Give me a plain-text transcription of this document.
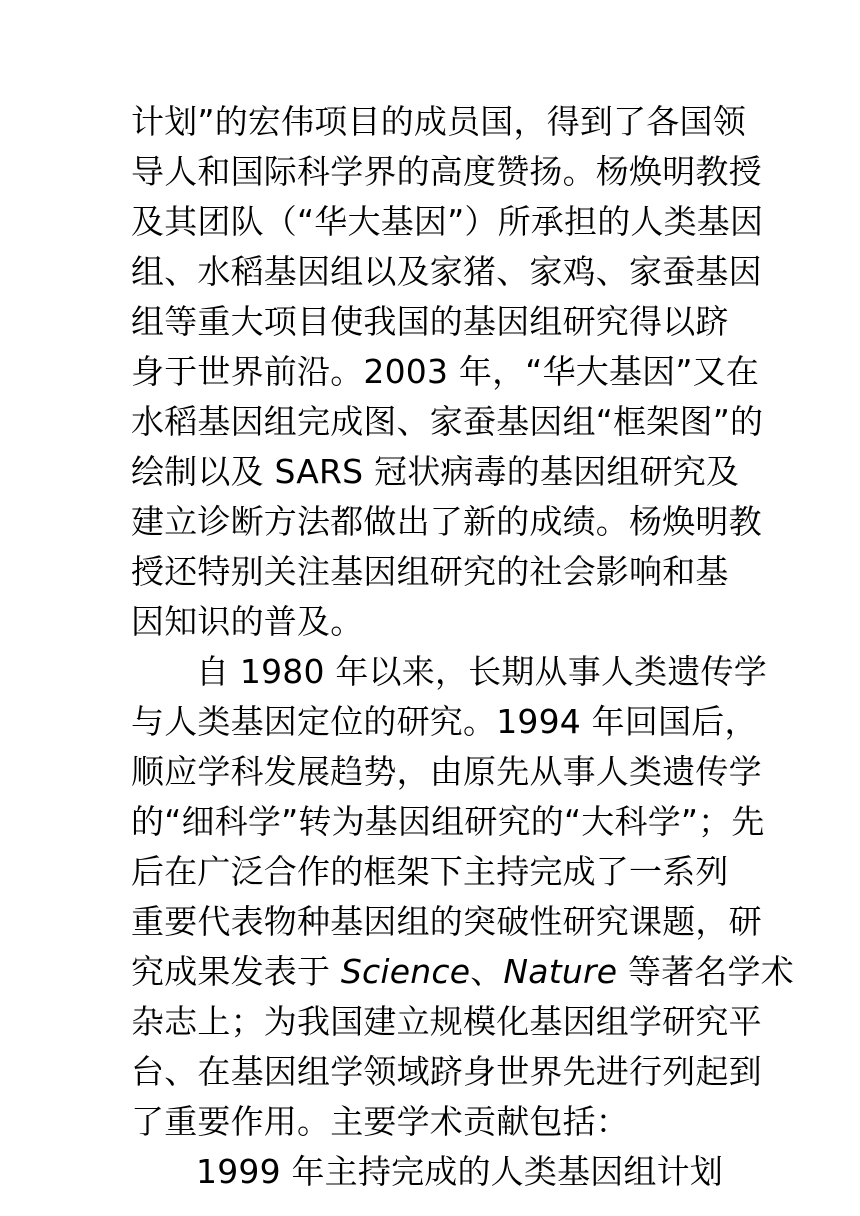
计划”的宏伟项目的成员国，得到了各国领
导人和国际科学界的高度赞扬。杨焕明教授
及其团队（“华大基因”）所承担的人类基因
组、水稻基因组以及家猪、家鸡、家蚕基因
组等重大项目使我国的基因组研究得以跻
身于世界前沿。2003 年，“华大基因”又在
水稻基因组完成图、家蚕基因组“框架图”的
绘制以及 SARS 冠状病毒的基因组研究及
建立诊断方法都做出了新的成绩。杨焕明教
授还特别关注基因组研究的社会影响和基
因知识的普及。
自 1980 年以来，长期从事人类遗传学
与人类基因定位的研究。1994 年回国后，
顺应学科发展趋势，由原先从事人类遗传学
的“细科学”转为基因组研究的“大科学”；先
后在广泛合作的框架下主持完成了一系列
重要代表物种基因组的突破性研究课题，研
究成果发表于 Science、Nature 等著名学术
杂志上；为我国建立规模化基因组学研究平
台、在基因组学领域跻身世界先进行列起到
了重要作用。主要学术贡献包括：
1999 年主持完成的人类基因组计划
